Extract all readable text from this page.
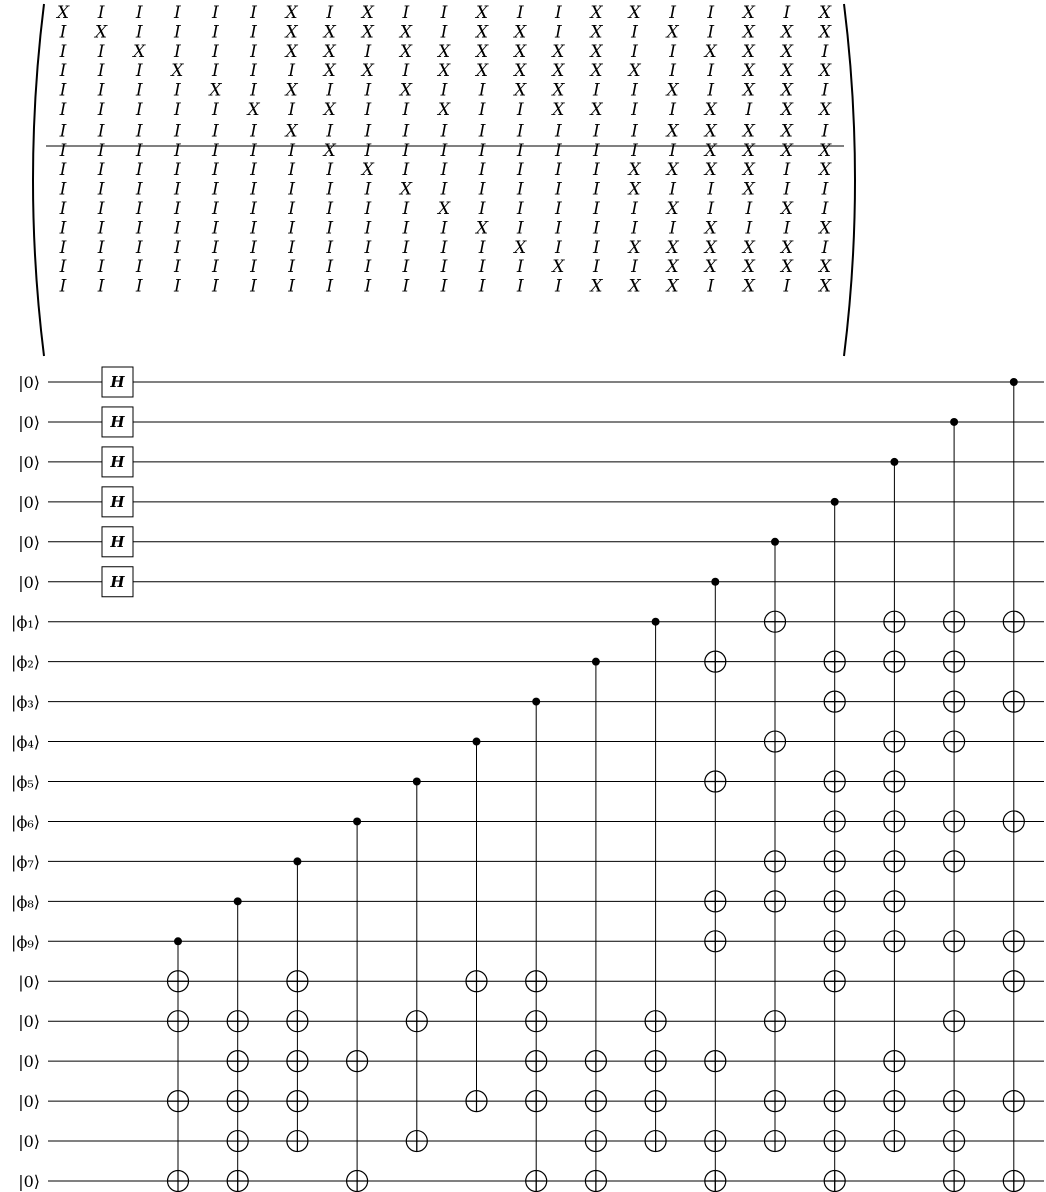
X I I I I I X I X I I X I I X X I I X I X
I X I I I I X X X X I X X I X I X I X X X
I I X I I I X X I X X X X X X I I X X X I
I I I X I I I X X I X X X X X X I I X X X
I I I I X I X I I X I I X X I I X I X X I
I I I I I X I X I I X I I X X I I X I X X
I I I I I I X I I I I I I I I I X X X X I
I I I I I I I X I I I I I I I I I X X X X
I I I I I I I I X I I I I I I X X X X I X
I I I I I I I I I X I I I I I X I I X I I
I I I I I I I I I I X I I I I I X I I X I
I I I I I I I I I I I X I I I I I X I I X
I I I I I I I I I I I I X I I X X X X X I
I I I I I I I I I I I I I X I I X X X X X
I I I I I I I I I I I I I I X X X I X I X
|0⟩
|0⟩
|0⟩
|0⟩
|0⟩
|0⟩
|ϕ₁⟩
|ϕ₂⟩
|ϕ₃⟩
|ϕ₄⟩
|ϕ₅⟩
|ϕ₆⟩
|ϕ₇⟩
|ϕ₈⟩
|ϕ₉⟩
|0⟩
|0⟩
|0⟩
|0⟩
|0⟩
|0⟩
H
H
H
H
H
H
